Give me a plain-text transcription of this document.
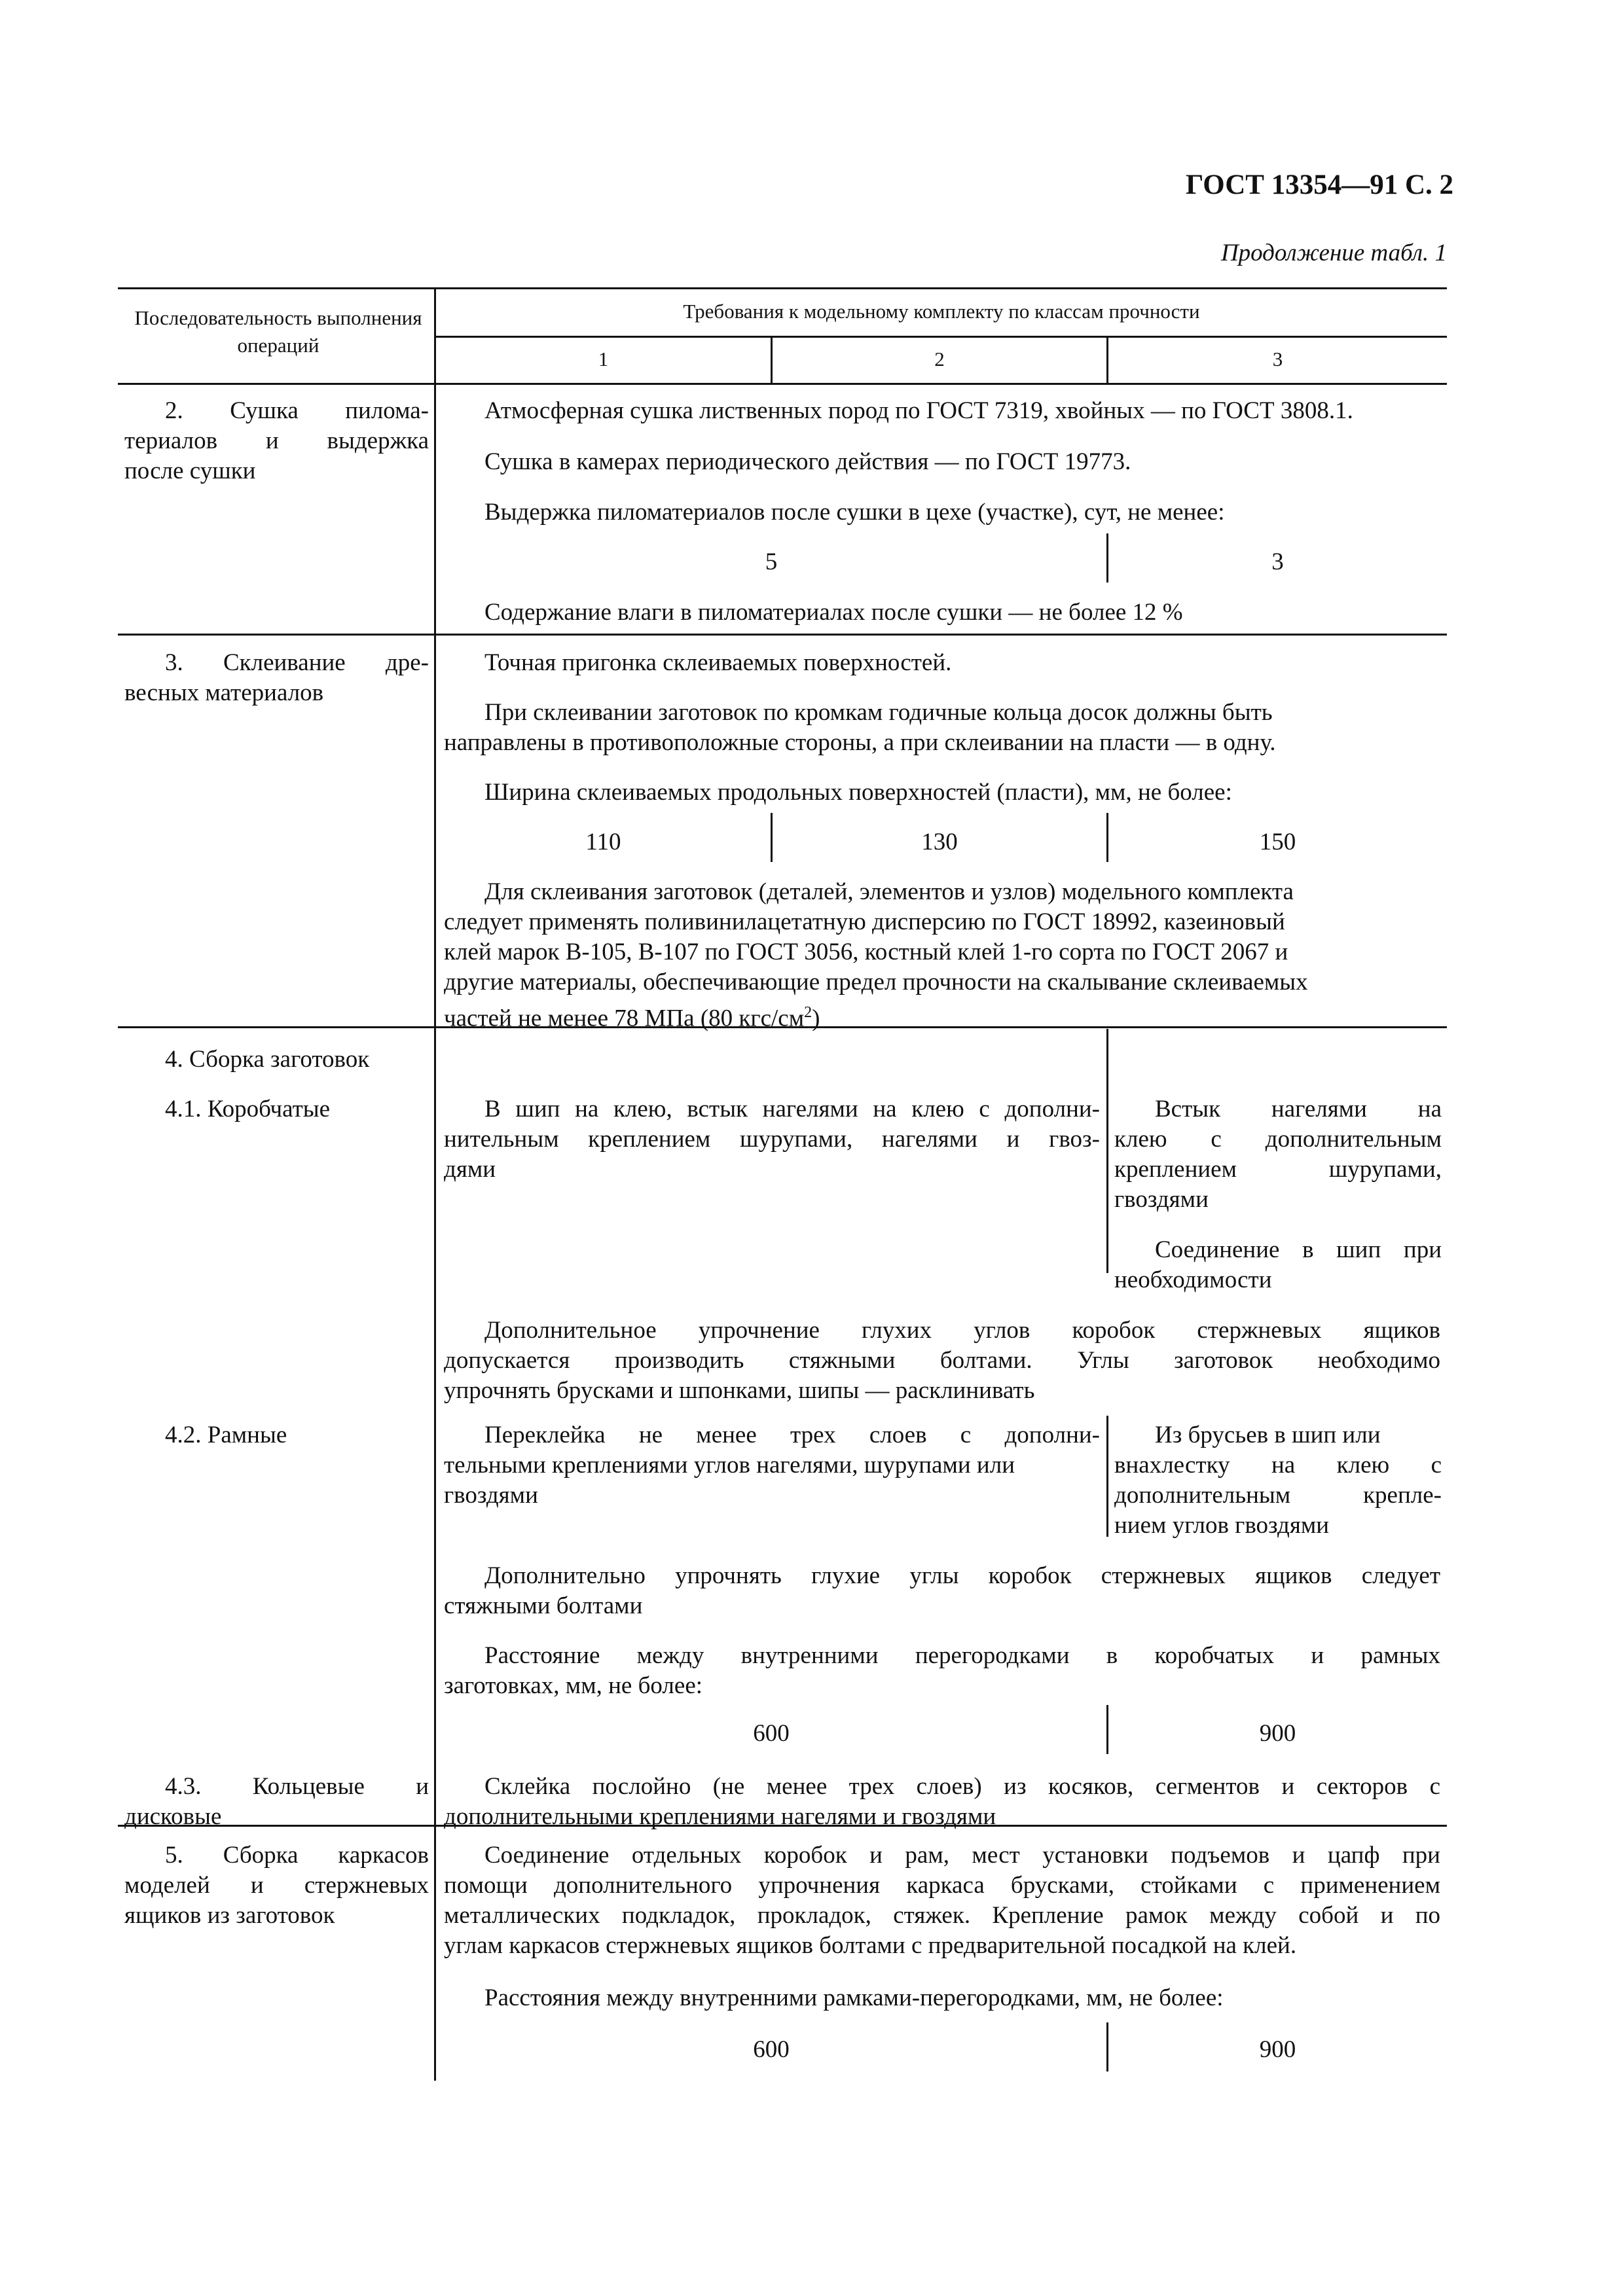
ГОСТ 13354—91 С. 2
Продолжение табл. 1
Последовательность выполнения операций
Требования к модельному комплекту по классам прочности
1	2	3
2. Сушка пилома-
териалов и выдержка
после сушки
Атмосферная сушка лиственных пород по ГОСТ 7319, хвойных — по ГОСТ 3808.1.
Сушка в камерах периодического действия — по ГОСТ 19773.
Выдержка пиломатериалов после сушки в цехе (участке), сут, не менее:
5	3
Содержание влаги в пиломатериалах после сушки — не более 12 %
3. Склеивание дре-
весных материалов
Точная пригонка склеиваемых поверхностей.
При склеивании заготовок по кромкам годичные кольца досок должны быть
направлены в противоположные стороны, а при склеивании на пласти — в одну.
Ширина склеиваемых продольных поверхностей (пласти), мм, не более:
110	130	150
Для склеивания заготовок (деталей, элементов и узлов) модельного комплекта
следует применять поливинилацетатную дисперсию по ГОСТ 18992, казеиновый
клей марок В-105, В-107 по ГОСТ 3056, костный клей 1-го сорта по ГОСТ 2067 и
другие материалы, обеспечивающие предел прочности на скалывание склеиваемых
частей не менее 78 МПа (80 кгс/$см^2$)
4. Сборка заготовок
4.1. Коробчатые	В шип на клею, встык нагелями на клею с дополни-
нительным креплением шурупами, нагелями и гвоз-
дями
Встык нагелями на
клею с дополнительным
креплением шурупами,
гвоздями
Соединение в шип при
необходимости
Дополнительное упрочнение глухих углов коробок стержневых ящиков
допускается производить стяжными болтами. Углы заготовок необходимо
упрочнять брусками и шпонками, шипы — расклинивать
4.2. Рамные	Переклейка не менее трех слоев с дополни-
тельными креплениями углов нагелями, шурупами или
гвоздями
Из брусьев в шип или
внахлестку на клею с
дополнительным крепле-
нием углов гвоздями
Дополнительно упрочнять глухие углы коробок стержневых ящиков следует
стяжными болтами
Расстояние между внутренними перегородками в коробчатых и рамных
заготовках, мм, не более:
600	900
4.3. Кольцевые и
дисковые
Склейка послойно (не менее трех слоев) из косяков, сегментов и секторов с
дополнительными креплениями нагелями и гвоздями
5. Сборка каркасов
моделей и стержневых
ящиков из заготовок
Соединение отдельных коробок и рам, мест установки подъемов и цапф при
помощи дополнительного упрочнения каркаса брусками, стойками с применением
металлических подкладок, прокладок, стяжек. Крепление рамок между собой и по
углам каркасов стержневых ящиков болтами с предварительной посадкой на клей.
Расстояния между внутренними рамками-перегородками, мм, не более:
600	900
